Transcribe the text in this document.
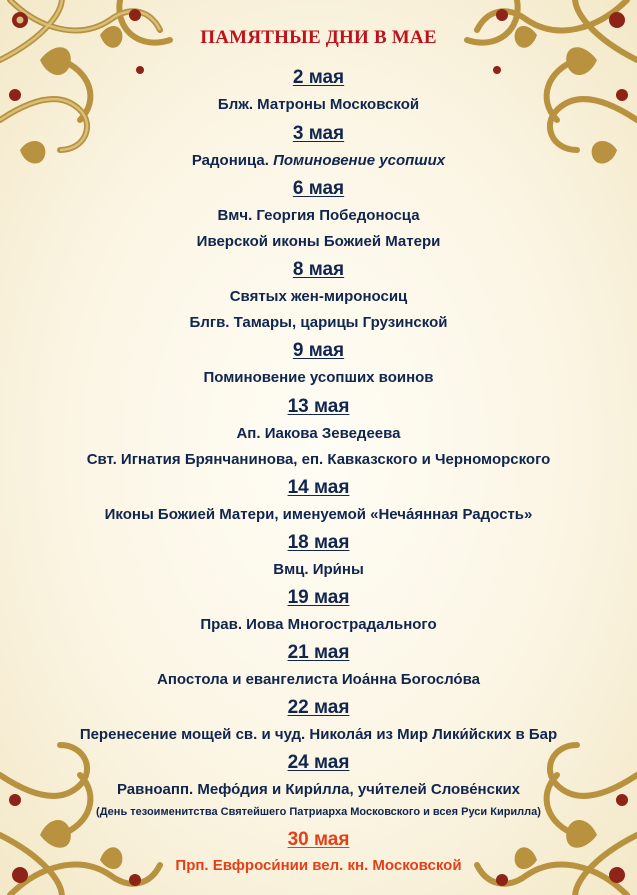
ПАМЯТНЫЕ ДНИ В МАЕ
2 мая
Блж. Матроны Московской
3 мая
Радоница. Поминовение усопших
6 мая
Вмч. Георгия Победоносца
Иверской иконы Божией Матери
8 мая
Святых жен-мироносиц
Блгв. Тамары, царицы Грузинской
9 мая
Поминовение усопших воинов
13 мая
Ап. Иакова Зеведеева
Свт. Игнатия Брянчанинова, еп. Кавказского и Черноморского
14 мая
Иконы Божией Матери, именуемой «Неча́янная Радость»
18 мая
Вмц. Ири́ны
19 мая
Прав. Иова Многострадального
21 мая
Апостола и евангелиста Иоа́нна Богосло́ва
22 мая
Перенесение мощей св. и чуд. Никола́я из Мир Лики́йских в Бар
24 мая
Равноапп. Мефо́дия и Кири́лла, учи́телей Слове́нских
(День тезоименитства Святейшего Патриарха Московского и всея Руси Кирилла)
30 мая
Прп. Евфроси́нии вел. кн. Московской
